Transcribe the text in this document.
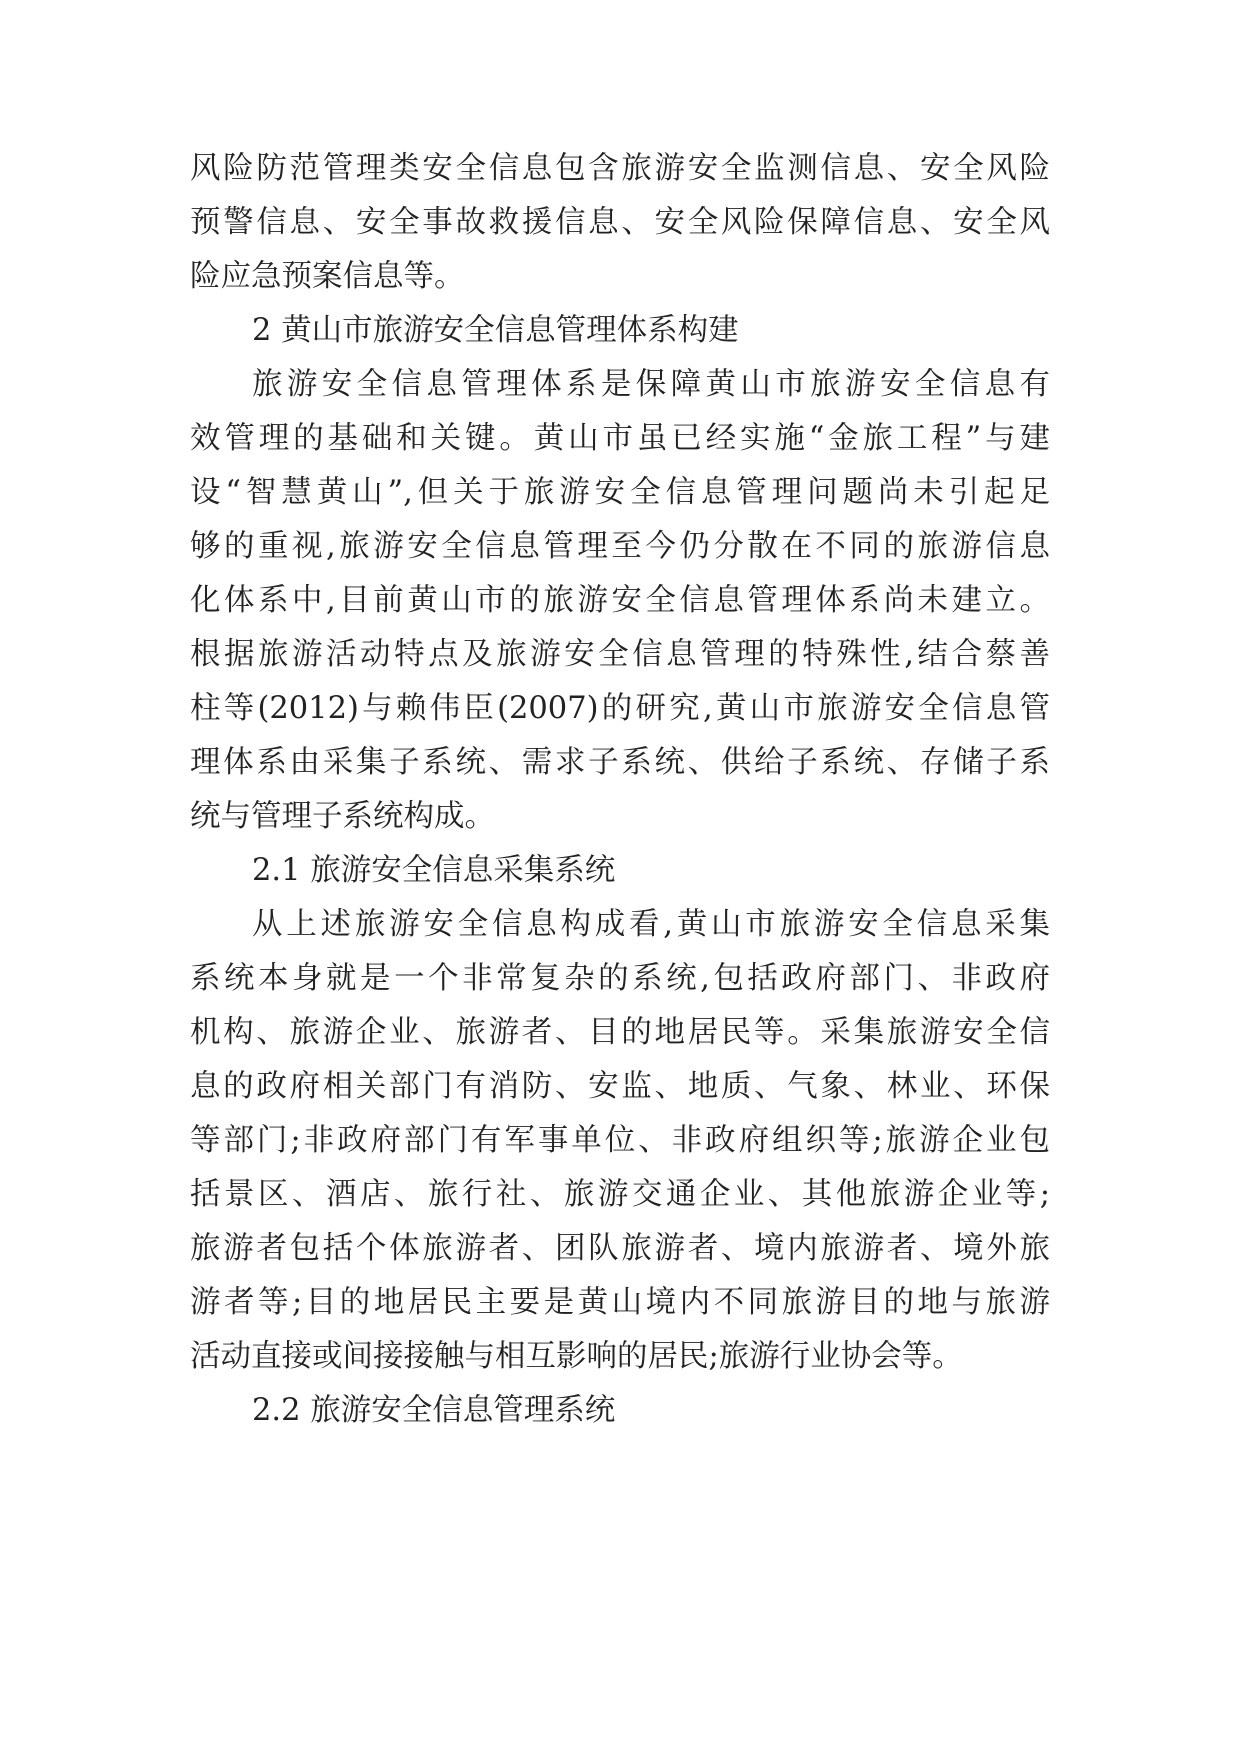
风险防范管理类安全信息包含旅游安全监测信息、安全风险

预警信息、安全事故救援信息、安全风险保障信息、安全风

险应急预案信息等。

2 黄山市旅游安全信息管理体系构建

旅游安全信息管理体系是保障黄山市旅游安全信息有

效管理的基础和关键。黄山市虽已经实施“金旅工程”与建

设“智慧黄山”,但关于旅游安全信息管理问题尚未引起足

够的重视,旅游安全信息管理至今仍分散在不同的旅游信息

化体系中,目前黄山市的旅游安全信息管理体系尚未建立。

根据旅游活动特点及旅游安全信息管理的特殊性,结合蔡善

柱等(2012)与赖伟臣(2007)的研究,黄山市旅游安全信息管

理体系由采集子系统、需求子系统、供给子系统、存储子系

统与管理子系统构成。

2.1 旅游安全信息采集系统

从上述旅游安全信息构成看,黄山市旅游安全信息采集

系统本身就是一个非常复杂的系统,包括政府部门、非政府

机构、旅游企业、旅游者、目的地居民等。采集旅游安全信

息的政府相关部门有消防、安监、地质、气象、林业、环保

等部门;非政府部门有军事单位、非政府组织等;旅游企业包

括景区、酒店、旅行社、旅游交通企业、其他旅游企业等;

旅游者包括个体旅游者、团队旅游者、境内旅游者、境外旅

游者等;目的地居民主要是黄山境内不同旅游目的地与旅游

活动直接或间接接触与相互影响的居民;旅游行业协会等。

2.2 旅游安全信息管理系统
